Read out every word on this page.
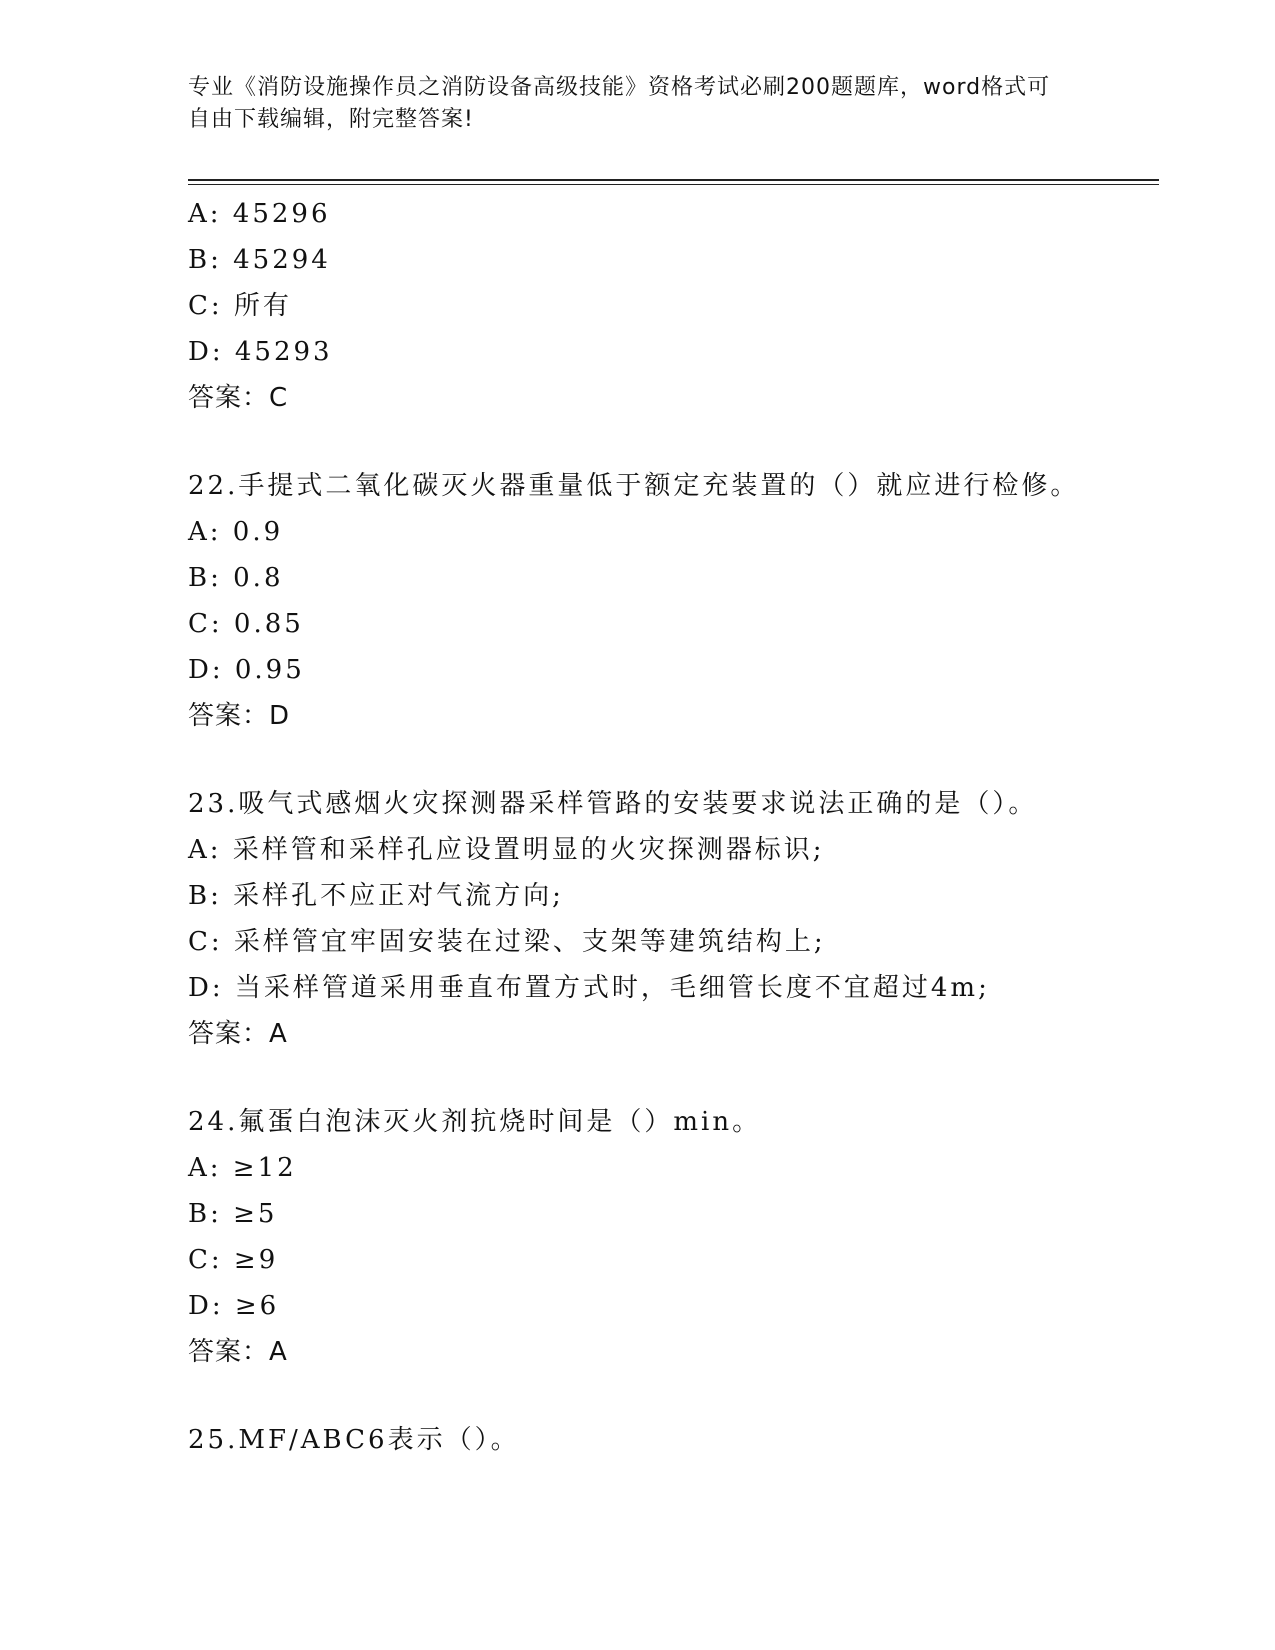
专业《消防设施操作员之消防设备高级技能》资格考试必刷200题题库，word格式可自由下载编辑，附完整答案!
A: 45296
B: 45294
C: 所有
D: 45293
答案：C
22.手提式二氧化碳灭火器重量低于额定充装置的（）就应进行检修。
A: 0.9
B: 0.8
C: 0.85
D: 0.95
答案：D
23.吸气式感烟火灾探测器采样管路的安装要求说法正确的是（）。
A: 采样管和采样孔应设置明显的火灾探测器标识;
B: 采样孔不应正对气流方向;
C: 采样管宜牢固安装在过梁、支架等建筑结构上;
D: 当采样管道采用垂直布置方式时，毛细管长度不宜超过4m;
答案：A
24.氟蛋白泡沫灭火剂抗烧时间是（）min。
A: ≥12
B: ≥5
C: ≥9
D: ≥6
答案：A
25.MF/ABC6表示（）。
